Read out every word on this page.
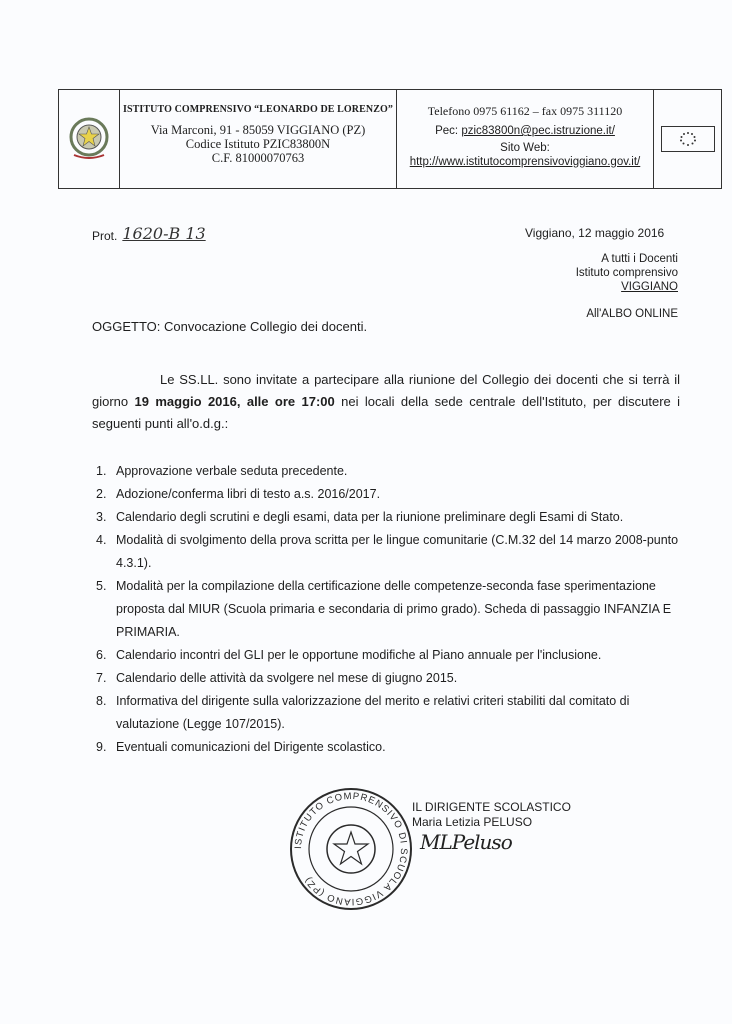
ISTITUTO COMPRENSIVO “LEONARDO DE LORENZO”
Via Marconi, 91 - 85059 VIGGIANO (PZ)
Codice Istituto PZIC83800N
C.F. 81000070763
Telefono 0975 61162 – fax 0975 311120
Pec: pzic83800n@pec.istruzione.it/
Sito Web:
http://www.istitutocomprensivoviggiano.gov.it/
Prot. 1620-B 13	Viggiano, 12 maggio 2016
A tutti i Docenti
Istituto comprensivo
VIGGIANO
All'ALBO ONLINE
OGGETTO: Convocazione Collegio dei docenti.
Le SS.LL. sono invitate a partecipare alla riunione del Collegio dei docenti che si terrà il giorno 19 maggio 2016, alle ore 17:00 nei locali della sede centrale dell'Istituto, per discutere i seguenti punti all'o.d.g.:
1. Approvazione verbale seduta precedente.
2. Adozione/conferma libri di testo a.s. 2016/2017.
3. Calendario degli scrutini e degli esami, data per la riunione preliminare degli Esami di Stato.
4. Modalità di svolgimento della prova scritta per le lingue comunitarie (C.M.32 del 14 marzo 2008-punto 4.3.1).
5. Modalità per la compilazione della certificazione delle competenze-seconda fase sperimentazione proposta dal MIUR (Scuola primaria e secondaria di primo grado). Scheda di passaggio INFANZIA E PRIMARIA.
6. Calendario incontri del GLI per le opportune modifiche al Piano annuale per l'inclusione.
7. Calendario delle attività da svolgere nel mese di giugno 2015.
8. Informativa del dirigente sulla valorizzazione del merito e relativi criteri stabiliti dal comitato di valutazione (Legge 107/2015).
9. Eventuali comunicazioni del Dirigente scolastico.
ISTITUTO COMPRENSIVO DI SCUOLA VIGGIANO (PZ)
IL DIRIGENTE SCOLASTICO
Maria Letizia PELUSO
MLPeluso
